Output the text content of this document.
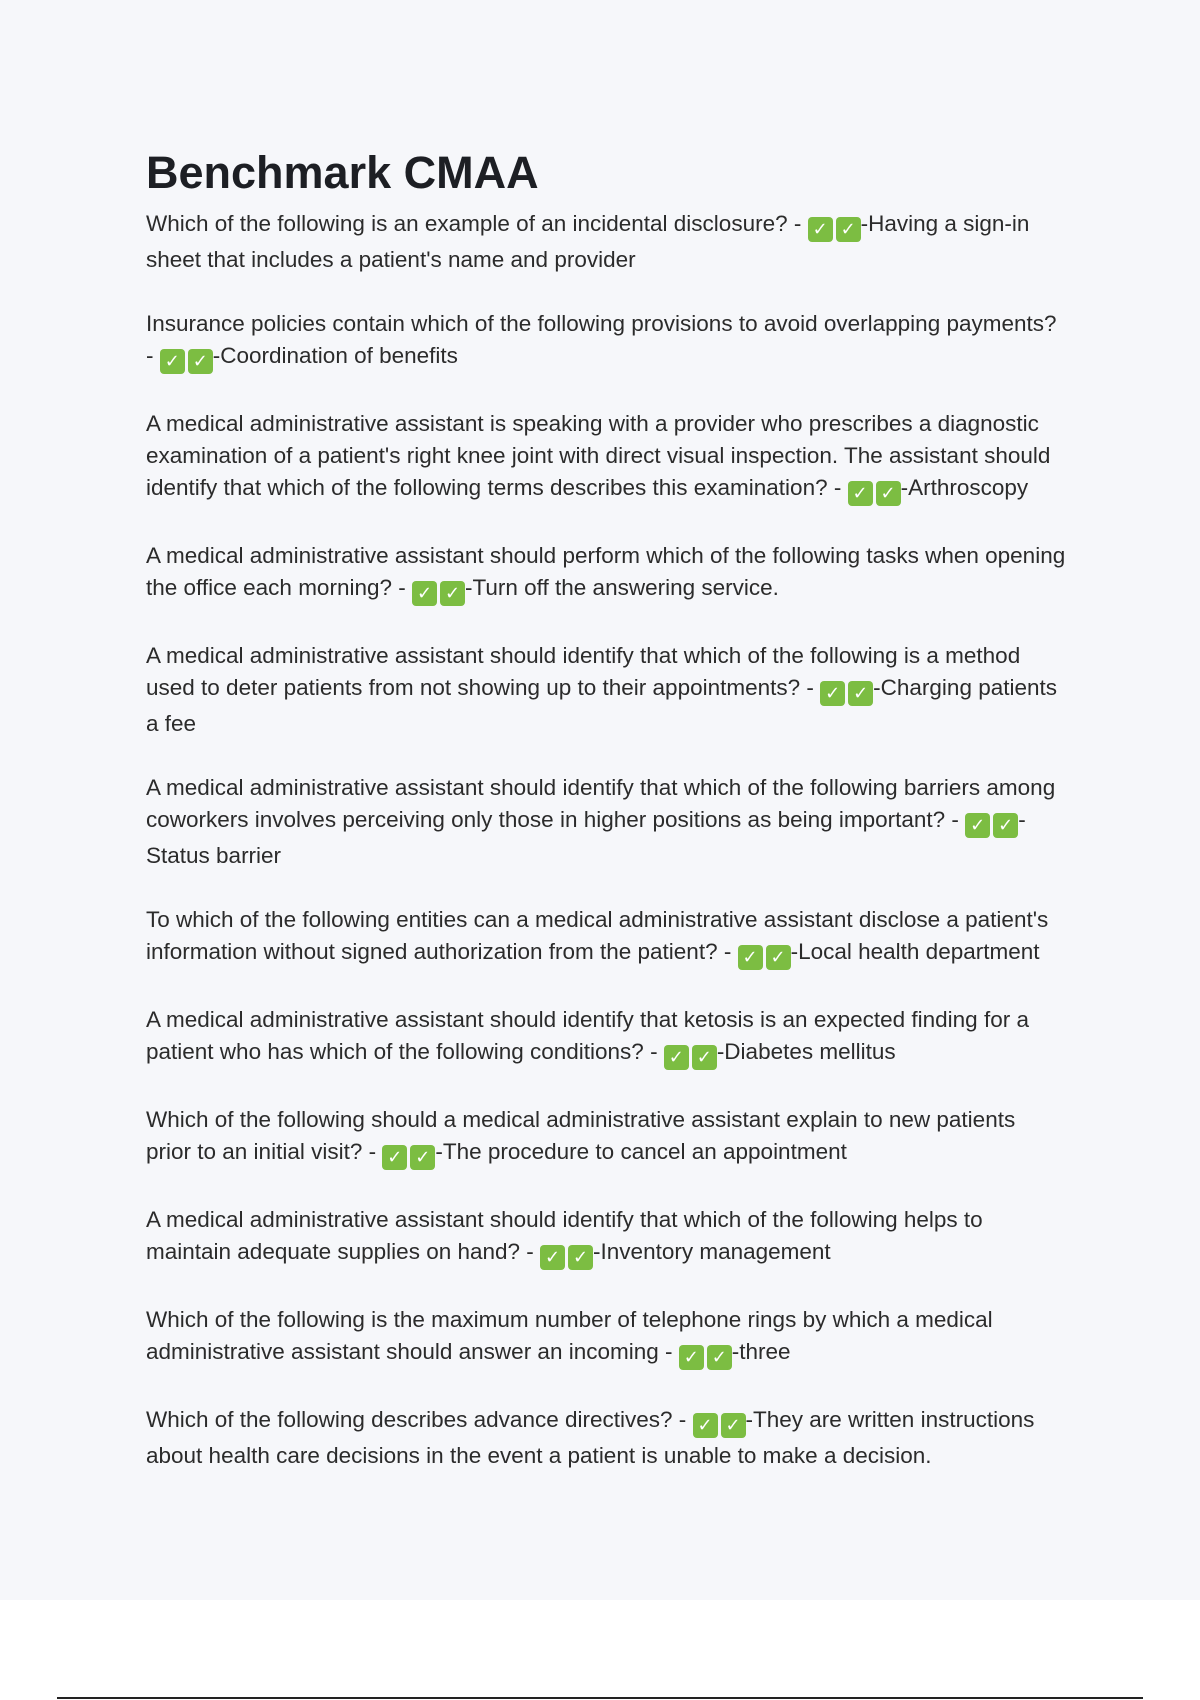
Benchmark CMAA

Which of the following is an example of an incidental disclosure? - ✓ ✓ -Having a sign-in sheet that includes a patient's name and provider

Insurance policies contain which of the following provisions to avoid overlapping payments? - ✓ ✓ -Coordination of benefits

A medical administrative assistant is speaking with a provider who prescribes a diagnostic examination of a patient's right knee joint with direct visual inspection. The assistant should identify that which of the following terms describes this examination? - ✓ ✓ -Arthroscopy

A medical administrative assistant should perform which of the following tasks when opening the office each morning? - ✓ ✓ -Turn off the answering service.

A medical administrative assistant should identify that which of the following is a method used to deter patients from not showing up to their appointments? - ✓ ✓ -Charging patients a fee

A medical administrative assistant should identify that which of the following barriers among coworkers involves perceiving only those in higher positions as being important? - ✓ ✓ -Status barrier

To which of the following entities can a medical administrative assistant disclose a patient's information without signed authorization from the patient? - ✓ ✓ -Local health department

A medical administrative assistant should identify that ketosis is an expected finding for a patient who has which of the following conditions? - ✓ ✓ -Diabetes mellitus

Which of the following should a medical administrative assistant explain to new patients prior to an initial visit? - ✓ ✓ -The procedure to cancel an appointment

A medical administrative assistant should identify that which of the following helps to maintain adequate supplies on hand? - ✓ ✓ -Inventory management

Which of the following is the maximum number of telephone rings by which a medical administrative assistant should answer an incoming - ✓ ✓ -three

Which of the following describes advance directives? - ✓ ✓ -They are written instructions about health care decisions in the event a patient is unable to make a decision.
